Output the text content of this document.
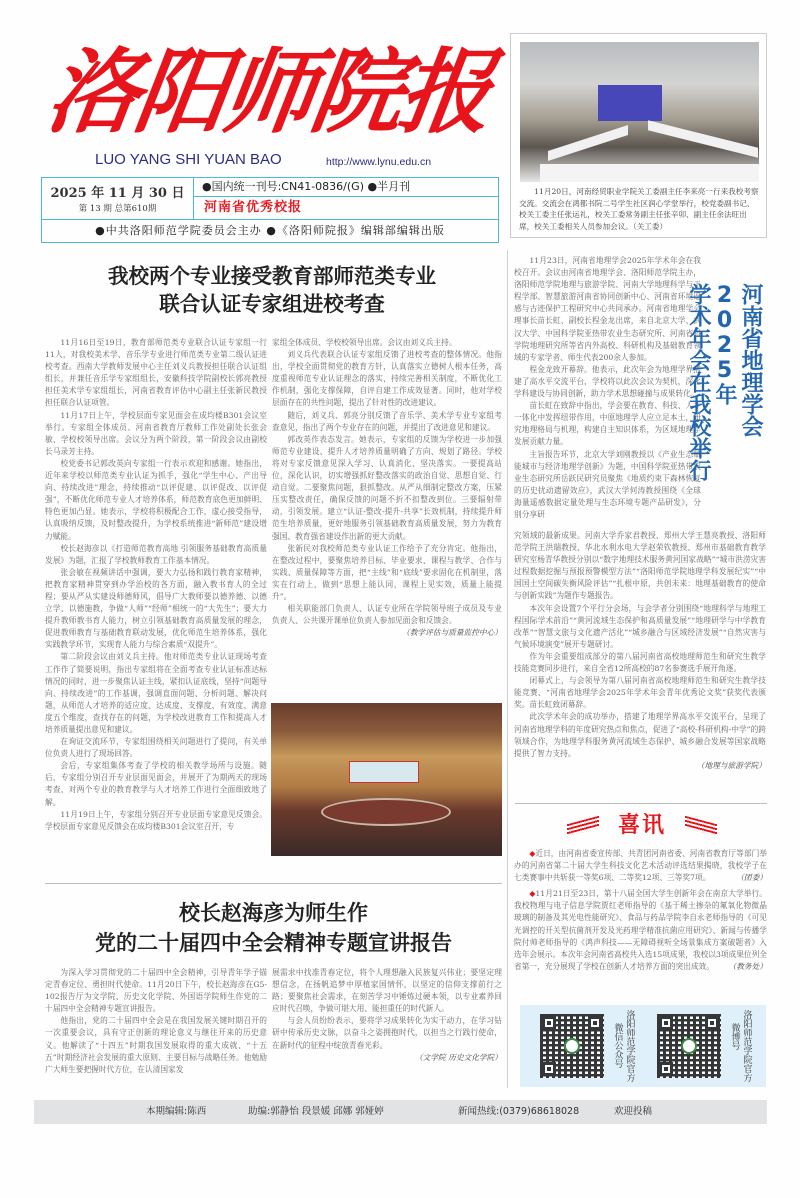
洛阳师院报
LUO YANG SHI YUAN BAO	http://www.lynu.edu.cn
2025 年 11 月 30 日
第 13 期 总第610期
●国内统一刊号:CN41-0836/(G) ●半月刊
河南省优秀校报
●中共洛阳师范学院委员会主办 ●《洛阳师院报》编辑部编辑出版
11月20日，河南经贸职业学院关工委副主任李来亮一行来我校考察交流。交流会在鸿都书院二号学生社区润心学堂举行，校党委副书记、校关工委主任张运礼，校关工委常务副主任张辛卯、副主任余法旺出席，校关工委相关人员参加会议。（关工委）
我校两个专业接受教育部师范类专业
联合认证专家组进校考查

11月16日至19日，教育部师范类专业联合认证专家组一行11人，对我校美术学、音乐学专业进行师范类专业第二级认证进校考查。西南大学教师发展中心主任刘义兵教授担任联合认证组组长，并兼任音乐学专家组组长，安徽科技学院副校长郭亮教授担任美术学专家组组长，河南省教育评估中心副主任张新民教授担任联合认证项管。

11月17日上午，学校层面专家见面会在成均楼B301会议室举行。专家组全体成员、河南省教育厅教师工作处副处长张会敏、学校校领导出席。会议分为两个阶段，第一阶段会议由副校长马录芳主持。

校党委书记郭改英向专家组一行表示欢迎和感谢。她指出，近年来学校以师范类专业认证为抓手，强化“学生中心、产出导向、持续改进”理念，持续推动“以评促建、以评促改、以评促强”，不断优化师范专业人才培养体系，师范教育底色更加鲜明、特色更加凸显。她表示，学校将积极配合工作，虚心接受指导，认真吸纳反馈，及时整改提升，为学校系统推进“新师范”建设增力赋能。

校长赵海彦以《打造师范教育高地 引领服务基础教育高质量发展》为题，汇报了学校教师教育工作基本情况。

张会敏在视频讲话中强调，要大力弘扬和践行教育家精神，把教育家精神贯穿到办学治校的各方面，融入教书育人的全过程；要从严从实建设师德师风，倡导广大教师要以德养德、以德立学、以德施教，争做“人师”“经师”相统一的“大先生”；要大力提升教师教书育人能力，树立引领基础教育高质量发展的理念，促进教师教育与基础教育联动发展，优化师范生培养体系，强化实践教学环节，实现育人能力与综合素质“双提升”。

第二阶段会议由刘义兵主持。他对师范类专业认证现场考查工作作了简要说明，指出专家组将在全面考查专业认证标准达标情况的同时，进一步聚焦认证主线，紧扣认证底线，坚持“问题导向、持续改进”的工作基调，强调直面问题、分析问题、解决问题，从师范人才培养的适应度、达成度、支撑度、有效度、满意度五个维度，查找存在的问题，为学校改进教育工作和提高人才培养质量提出意见和建议。

在询证交流环节，专家组围绕相关问题进行了提问，有关单位负责人进行了现场回答。

会后，专家组集体考查了学校的相关教学场所与设施。随后，专家组分别召开专业层面见面会，并展开了为期两天的现场考查，对两个专业的教育教学与人才培养工作进行全面细致地了解。

11月19日上午，专家组分别召开专业层面专家意见反馈会。学校层面专家意见反馈会在成均楼B301会议室召开，专

家组全体成员、学校校领导出席。会议由刘义兵主持。

刘义兵代表联合认证专家组反馈了进校考查的整体情况。他指出，学校全面贯彻党的教育方针，认真落实立德树人根本任务，高度重视师范专业认证理念的落实，持续完善相关制度，不断优化工作机制，强化支撑保障，自评自建工作成效显著。同时，他对学校层面存在的共性问题，提出了针对性的改进建议。

随后，刘义兵、郭亮分别反馈了音乐学、美术学专业专家组考查意见，指出了两个专业存在的问题，并提出了改进意见和建议。

郭改英作表态发言。她表示，专家组的反馈为学校进一步加强师范专业建设、提升人才培养质量明确了方向、规划了路径。学校将对专家反馈意见深入学习、认真消化、坚决落实。一要提高站位，深化认识，切实增强抓好整改落实的政治自觉、思想自觉、行动自觉。二要聚焦问题，狠抓整改。从严从细制定整改方案，压紧压实整改责任，确保反馈的问题不折不扣整改到位。三要辐射带动，引领发展。建立“认证-整改-提升-共享”长效机制，持续提升师范生培养质量，更好地服务引领基础教育高质量发展，努力为教育强国、教育强省建设作出新的更大贡献。

张新民对我校师范类专业认证工作给予了充分肯定。他指出，在整改过程中，要聚焦培养目标、毕业要求、课程与教学、合作与实践、质量保障等方面，把“主线”和“底线”要求固化在机制里，落实在行动上，做到“思想上能认同，课程上见实效，质量上能提升”。

相关职能部门负责人、认证专业所在学院领导班子成员及专业负责人、公共课开课单位负责人参加见面会和反馈会。

（教学评估与质量监控中心）

11月23日，河南省地理学会2025年学术年会在我校召开。会议由河南省地理学会、洛阳师范学院主办，洛阳师范学院地理与旅游学院、河南大学地理科学与工程学部、智慧旅游河南省协同创新中心、河南省环境遥感与古迹保护工程研究中心共同承办。河南省地理学会理事长苗长虹、副校长程金龙出席，来自北京大学、武汉大学、中国科学院亚热带农业生态研究所、河南省科学院地理研究所等省内外高校、科研机构及基础教育领域的专家学者、师生代表200余人参加。

程金龙致开幕辞。他表示，此次年会为地理学界搭建了高水平交流平台，学校将以此次会议为契机，深化学科建设与协同创新，助力学术思想碰撞与成果转化。

苗长虹在致辞中指出，学会要在教育、科技、人才一体化中发挥纽带作用，中原地理学人应立足本土，研究地理格局与机理，构建自主知识体系，为区域地理学发展贡献力量。

主旨报告环节，北京大学刘刚教授以《产业生态赋能城市与经济地理学创新》为题，中国科学院亚热带农业生态研究所岳跃民研究员聚焦《地质约束下森林恢复的历史扰动遗留效应》，武汉大学何涛教授围绕《全球海量遥感数据定量处理与生态环境专题产品研发》，分别分享研

河南省地理学会2025年
学术年会在我校举行

究领域的最新成果。河南大学乔家君教授、郑州大学王慧亮教授、洛阳师范学院王洪瑞教授、华北水利水电大学赵荣钦教授、郑州市基础教育教学研究室杨青华教授分别以“数字地理技术服务黄河国家战略”“城市洪涝灾害过程数据挖掘与预报预警模型方法”“洛阳师范学院地理学科发展纪实”“中国国土空间碳失衡风险评估”“扎根中原，共创未来：地理基础教育的使命与创新实践”为题作专题报告。

本次年会设置7个平行分会场，与会学者分别围绕“地理科学与地理工程国际学术前沿”“黄河流域生态保护和高质量发展”“地理研学与中学教育改革”“智慧文旅与文化遗产活化”“城乡融合与区域经济发展”“自然灾害与气候环境演变”展开专题研讨。

作为年会重要组成部分的第八届河南省高校地理师范生和研究生教学技能竞赛同步进行，来自全省12所高校的87名参赛选手展开角逐。

闭幕式上，与会领导为第八届河南省高校地理师范生和研究生教学技能竞赛、“河南省地理学会2025年学术年会青年优秀论文奖”获奖代表颁奖。苗长虹致闭幕辞。

此次学术年会的成功举办，搭建了地理学界高水平交流平台，呈现了河南省地理学科的年度研究热点和焦点，促进了“高校-科研机构-中学”的跨领域合作，为地理学科服务黄河流域生态保护、城乡融合发展等国家战略提供了智力支持。

（地理与旅游学院）

喜讯

◆近日，由河南省委宣传部、共青团河南省委、河南省教育厅等部门举办的河南省第二十届大学生科技文化艺术活动评选结果揭晓，我校学子在七类赛事中共斩获一等奖6项、二等奖12项、三等奖7项。	（团委）

◆11月21日至23日，第十八届全国大学生创新年会在南京大学举行。我校物理与电子信息学院贾红老师指导的《基于稀土掺杂的氟氧化物微晶玻璃的制备及其光电性能研究》、食品与药品学院李自永老师指导的《可见光调控的开关型抗菌剂开发及光药理学精准抗菌应用研究》、新闻与传播学院付帅老师指导的《鸿声科技——无障碍视听全场景集成方案破题者》入选年会展示。本次年会河南省高校共入选15项成果，我校以3项成果位列全省第一，充分展现了学校在创新人才培养方面的突出成效。 （教务处）

洛阳师范学院官方
微信公众号	洛阳师范学院官方
微博号
校长赵海彦为师生作
党的二十届四中全会精神专题宣讲报告

为深入学习贯彻党的二十届四中全会精神，引导青年学子锚定青春定位、勇担时代使命。11月20日下午，校长赵海彦在G5-102报告厅为文学院、历史文化学院、外国语学院师生作党的二十届四中全会精神专题宣讲报告。

他指出，党的二十届四中全会是在我国发展关键时期召开的一次重要会议，具有守正创新的理论意义与继往开来的历史意义。他解读了“十四五”时期我国发展取得的重大成就、“十五五”时期经济社会发展的重大原则、主要目标与战略任务。他勉励广大师生要把握时代方位，在认清国家发

展需求中找准青春定位，将个人理想融入民族复兴伟业；要坚定理想信念，在扬帆追梦中厚植家国情怀，以坚定的信仰支撑前行之路；要聚焦社会需求，在刻苦学习中锤炼过硬本领，以专业素养回应时代召唤，争做可堪大用、能担重任的时代新人。

与会人员纷纷表示，要将学习成果转化为实干动力，在学习钻研中传承历史文脉，以奋斗之姿拥抱时代，以担当之行践行使命，在新时代的征程中绽放青春光彩。

（文学院 历史文化学院）

本期编辑:陈西	助编:郭静怡 段景媛 邱娜 郭娅婷	新闻热线:(0379)68618028	欢迎投稿
